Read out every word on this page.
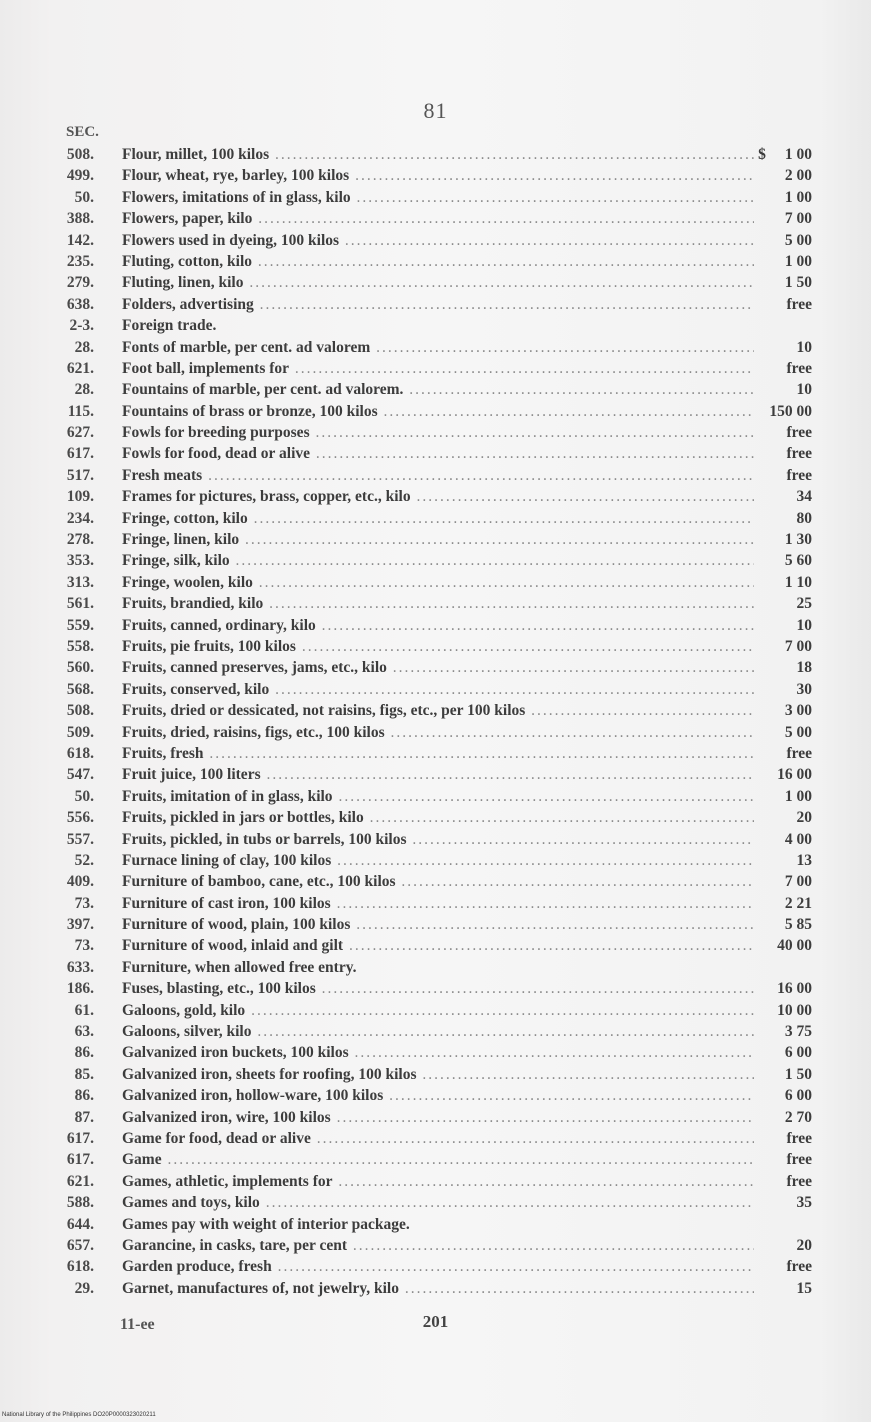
81
SEC.
508. Flour, millet, 100 kilos .....	$	1 00
499. Flour, wheat, rye, barley, 100 kilos .....	2 00
50. Flowers, imitations of in glass, kilo .....	1 00
388. Flowers, paper, kilo .....	7 00
142. Flowers used in dyeing, 100 kilos .....	5 00
235. Fluting, cotton, kilo .....	1 00
279. Fluting, linen, kilo .....	1 50
638. Folders, advertising .....	free
2-3. Foreign trade.
28. Fonts of marble, per cent. ad valorem .....	10
621. Foot ball, implements for .....	free
28. Fountains of marble, per cent. ad valorem. .....	10
115. Fountains of brass or bronze, 100 kilos .....	150 00
627. Fowls for breeding purposes .....	free
617. Fowls for food, dead or alive .....	free
517. Fresh meats .....	free
109. Frames for pictures, brass, copper, etc., kilo .....	34
234. Fringe, cotton, kilo .....	80
278. Fringe, linen, kilo .....	1 30
353. Fringe, silk, kilo .....	5 60
313. Fringe, woolen, kilo .....	1 10
561. Fruits, brandied, kilo .....	25
559. Fruits, canned, ordinary, kilo .....	10
558. Fruits, pie fruits, 100 kilos .....	7 00
560. Fruits, canned preserves, jams, etc., kilo .....	18
568. Fruits, conserved, kilo .....	30
508. Fruits, dried or dessicated, not raisins, figs, etc., per 100 kilos .....	3 00
509. Fruits, dried, raisins, figs, etc., 100 kilos .....	5 00
618. Fruits, fresh .....	free
547. Fruit juice, 100 liters .....	16 00
50. Fruits, imitation of in glass, kilo .....	1 00
556. Fruits, pickled in jars or bottles, kilo .....	20
557. Fruits, pickled, in tubs or barrels, 100 kilos .....	4 00
52. Furnace lining of clay, 100 kilos .....	13
409. Furniture of bamboo, cane, etc., 100 kilos .....	7 00
73. Furniture of cast iron, 100 kilos .....	2 21
397. Furniture of wood, plain, 100 kilos .....	5 85
73. Furniture of wood, inlaid and gilt .....	40 00
633. Furniture, when allowed free entry.
186. Fuses, blasting, etc., 100 kilos .....	16 00
61. Galoons, gold, kilo .....	10 00
63. Galoons, silver, kilo .....	3 75
86. Galvanized iron buckets, 100 kilos .....	6 00
85. Galvanized iron, sheets for roofing, 100 kilos .....	1 50
86. Galvanized iron, hollow-ware, 100 kilos .....	6 00
87. Galvanized iron, wire, 100 kilos .....	2 70
617. Game for food, dead or alive .....	free
617. Game .....	free
621. Games, athletic, implements for .....	free
588. Games and toys, kilo .....	35
644. Games pay with weight of interior package.
657. Garancine, in casks, tare, per cent .....	20
618. Garden produce, fresh .....	free
29. Garnet, manufactures of, not jewelry, kilo .....	15
11-ee	201
National Library of the Philippines DO20P0000323020211
